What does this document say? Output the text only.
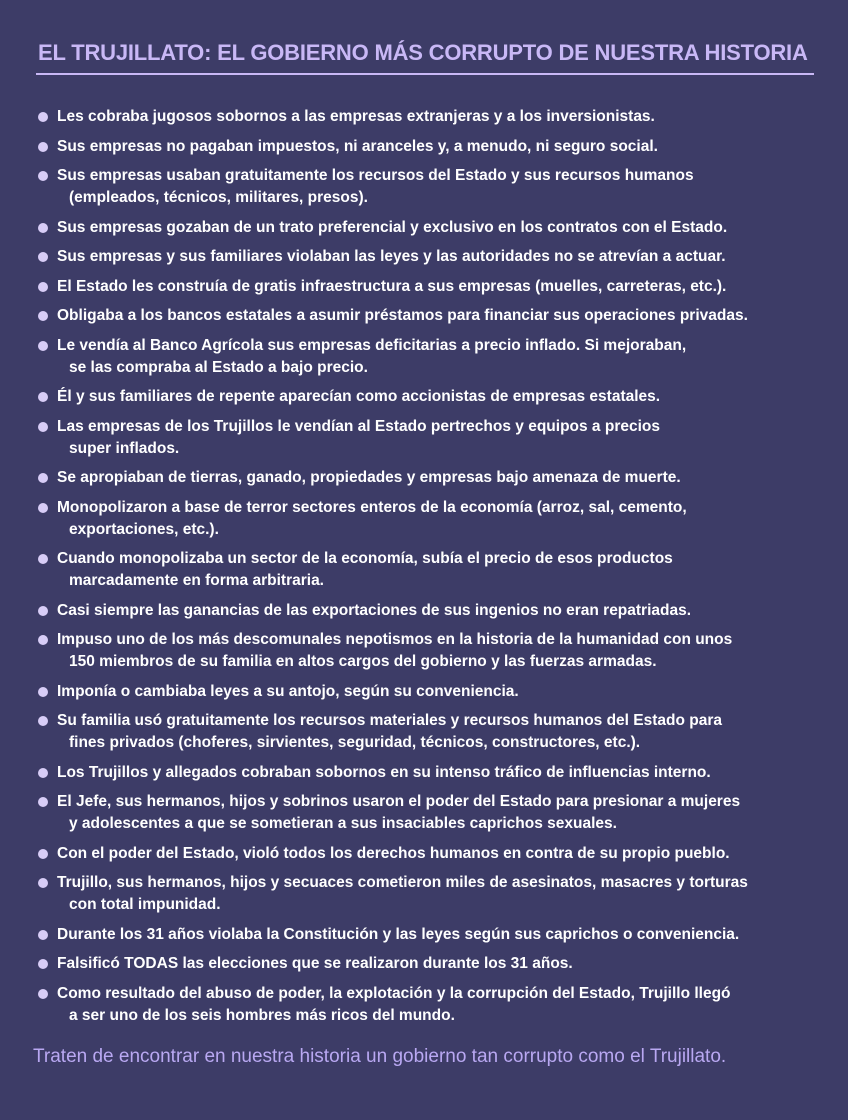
EL TRUJILLATO: EL GOBIERNO MÁS CORRUPTO DE NUESTRA HISTORIA
Les cobraba jugosos sobornos a las empresas extranjeras y a los inversionistas.
Sus empresas no pagaban impuestos, ni aranceles y, a menudo, ni seguro social.
Sus empresas usaban gratuitamente los recursos del Estado y sus recursos humanos
(empleados, técnicos, militares, presos).
Sus empresas gozaban de un trato preferencial y exclusivo en los contratos con el Estado.
Sus empresas y sus familiares violaban las leyes y las autoridades no se atrevían a actuar.
El Estado les construía de gratis infraestructura a sus empresas (muelles, carreteras, etc.).
Obligaba a los bancos estatales a asumir préstamos para financiar sus operaciones privadas.
Le vendía al Banco Agrícola sus empresas deficitarias a precio inflado. Si mejoraban,
se las compraba al Estado a bajo precio.
Él y sus familiares de repente aparecían como accionistas de empresas estatales.
Las empresas de los Trujillos le vendían al Estado pertrechos y equipos a precios
super inflados.
Se apropiaban de tierras, ganado, propiedades y empresas bajo amenaza de muerte.
Monopolizaron a base de terror sectores enteros de la economía (arroz, sal, cemento,
exportaciones, etc.).
Cuando monopolizaba un sector de la economía, subía el precio de esos productos
marcadamente en forma arbitraria.
Casi siempre las ganancias de las exportaciones de sus ingenios no eran repatriadas.
Impuso uno de los más descomunales nepotismos en la historia de la humanidad con unos
150 miembros de su familia en altos cargos del gobierno y las fuerzas armadas.
Imponía o cambiaba leyes a su antojo, según su conveniencia.
Su familia usó gratuitamente los recursos materiales y recursos humanos del Estado para
fines privados (choferes, sirvientes, seguridad, técnicos, constructores, etc.).
Los Trujillos y allegados cobraban sobornos en su intenso tráfico de influencias interno.
El Jefe, sus hermanos, hijos y sobrinos usaron el poder del Estado para presionar a mujeres
y adolescentes a que se sometieran a sus insaciables caprichos sexuales.
Con el poder del Estado, violó todos los derechos humanos en contra de su propio pueblo.
Trujillo, sus hermanos, hijos y secuaces cometieron miles de asesinatos, masacres y torturas
con total impunidad.
Durante los 31 años violaba la Constitución y las leyes según sus caprichos o conveniencia.
Falsificó TODAS las elecciones que se realizaron durante los 31 años.
Como resultado del abuso de poder, la explotación y la corrupción del Estado, Trujillo llegó
a ser uno de los seis hombres más ricos del mundo.
Traten de encontrar en nuestra historia un gobierno tan corrupto como el Trujillato.
